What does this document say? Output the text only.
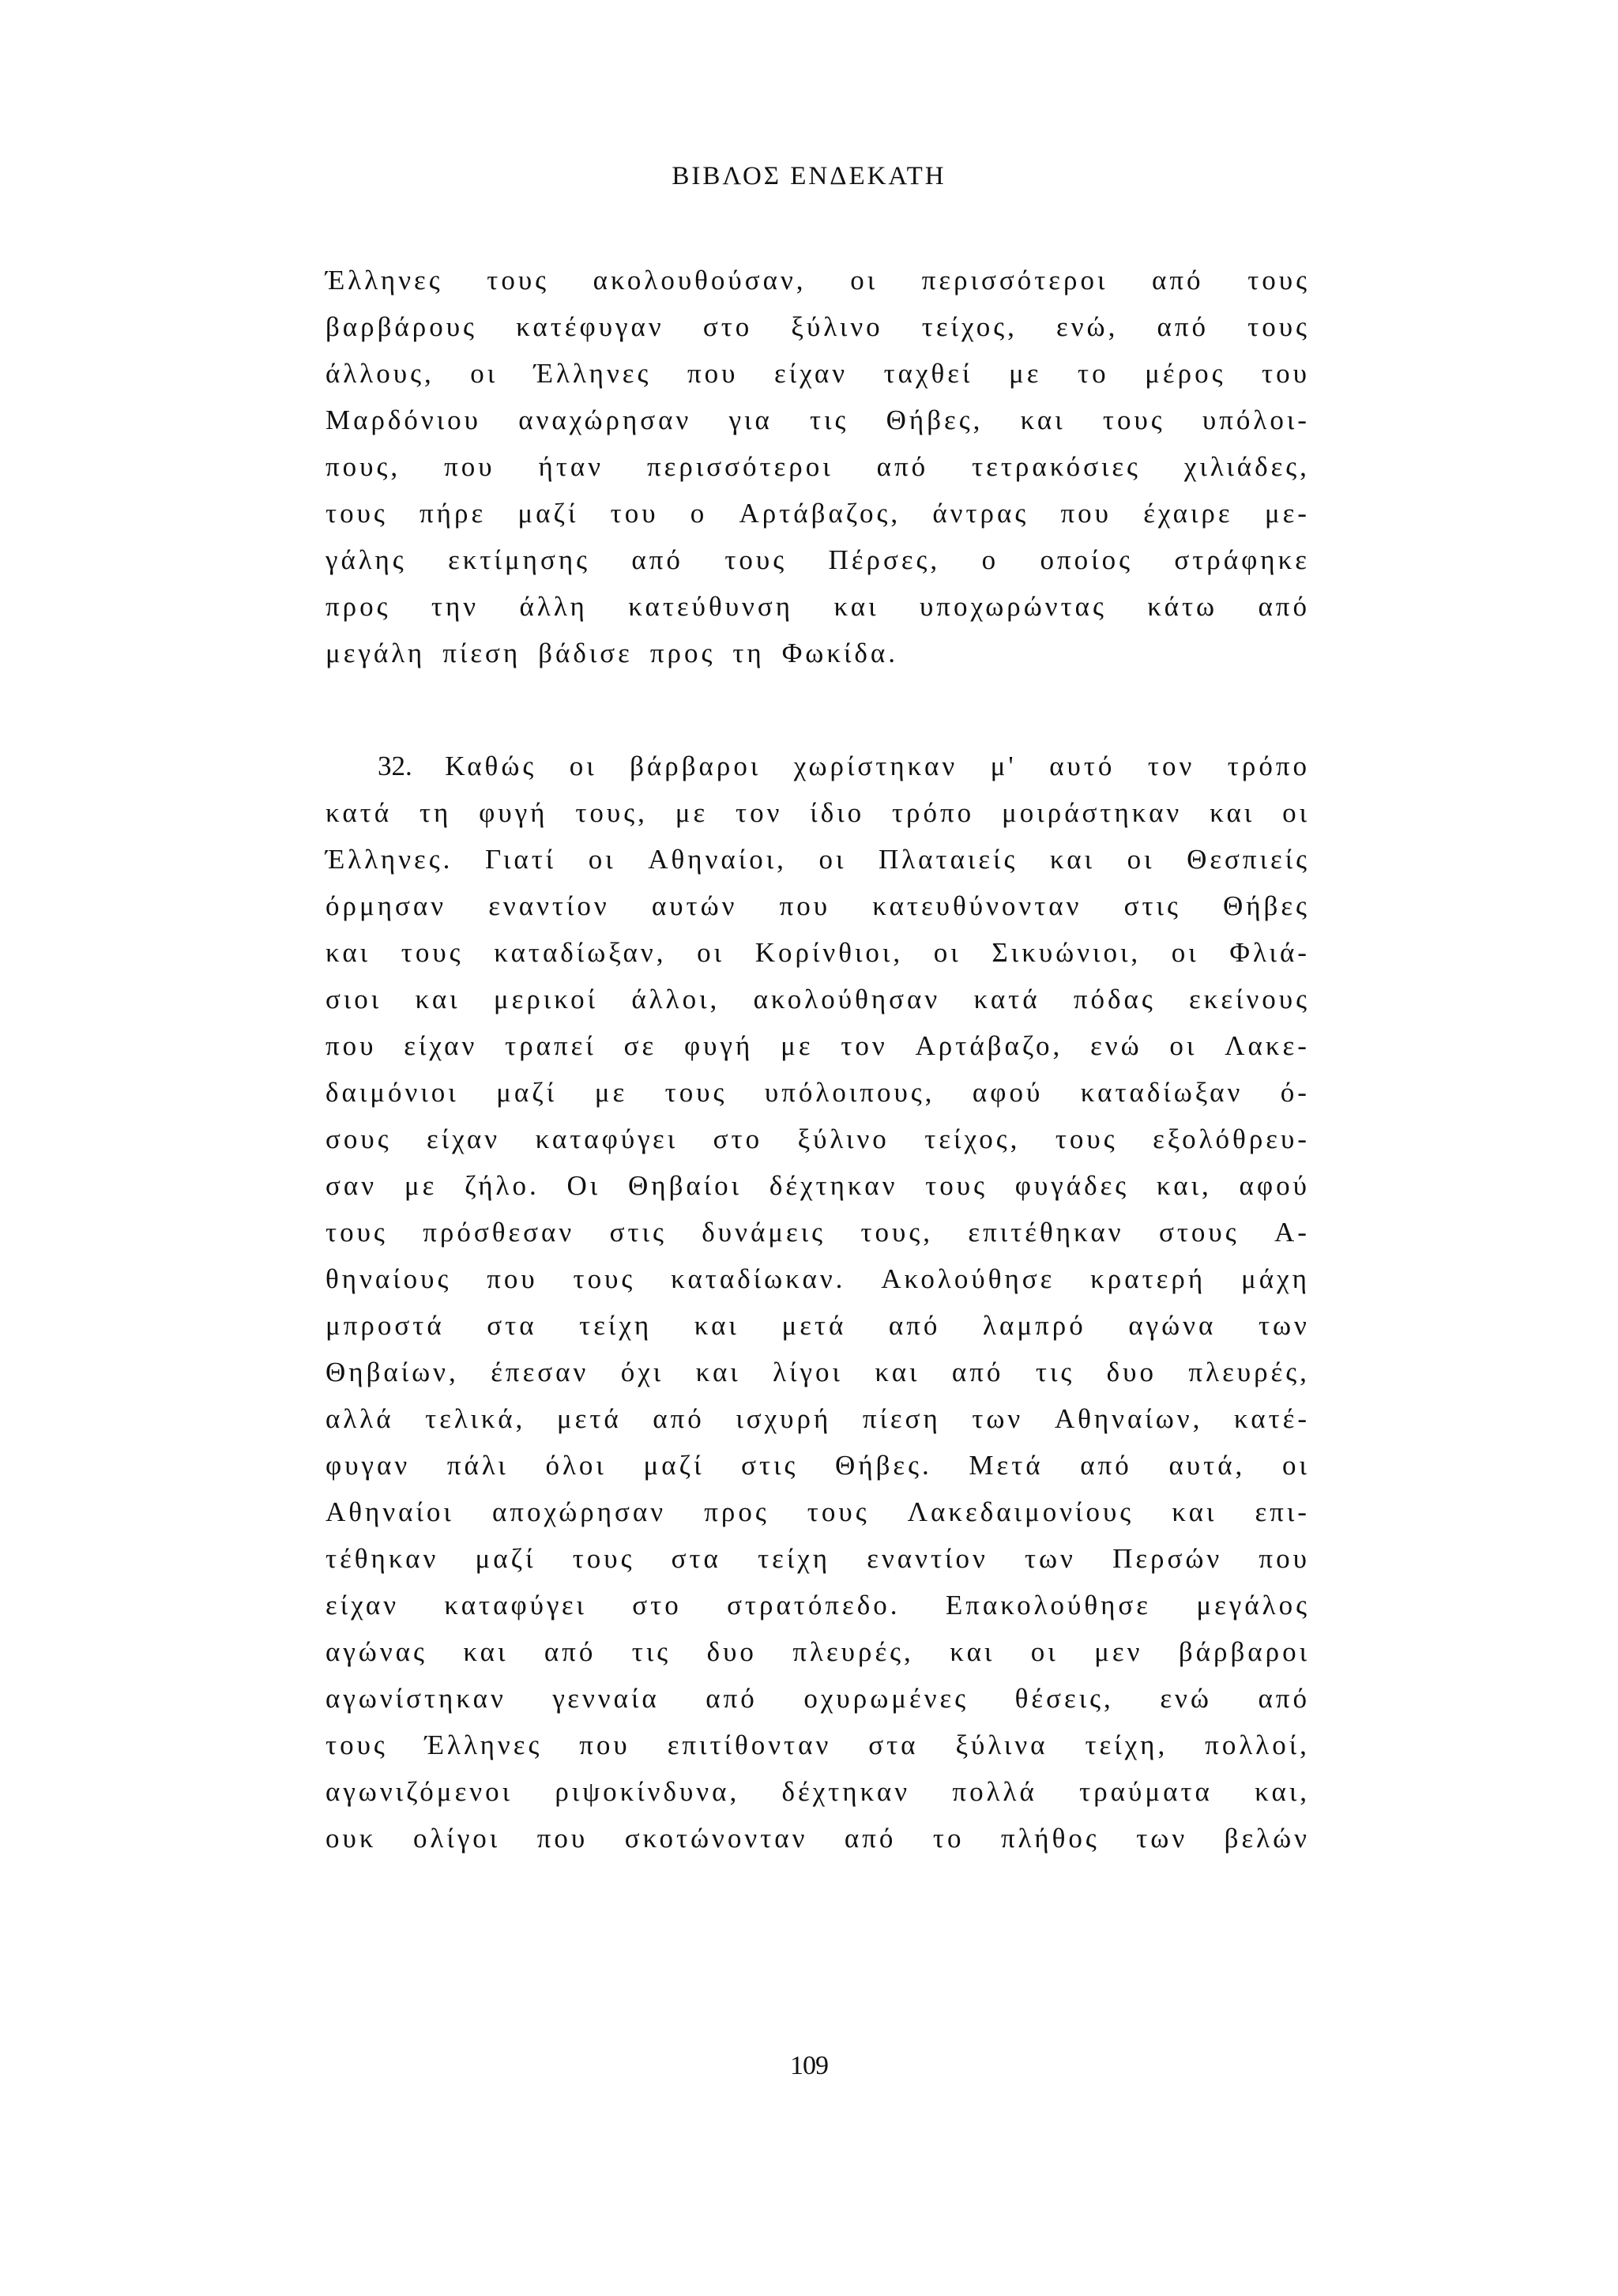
ΒΙΒΛΟΣ ΕΝΔΕΚΑΤΗ
Έλληνες τους ακολουθούσαν, οι περισσότεροι από τους
βαρβάρους κατέφυγαν στο ξύλινο τείχος, ενώ, από τους
άλλους, οι Έλληνες που είχαν ταχθεί με το μέρος του
Μαρδόνιου αναχώρησαν για τις Θήβες, και τους υπόλοι-
πους, που ήταν περισσότεροι από τετρακόσιες χιλιάδες,
τους πήρε μαζί του ο Αρτάβαζος, άντρας που έχαιρε με-
γάλης εκτίμησης από τους Πέρσες, ο οποίος στράφηκε
προς την άλλη κατεύθυνση και υποχωρώντας κάτω από
μεγάλη πίεση βάδισε προς τη Φωκίδα.
32. Καθώς οι βάρβαροι χωρίστηκαν μ' αυτό τον τρόπο
κατά τη φυγή τους, με τον ίδιο τρόπο μοιράστηκαν και οι
Έλληνες. Γιατί οι Αθηναίοι, οι Πλαταιείς και οι Θεσπιείς
όρμησαν εναντίον αυτών που κατευθύνονταν στις Θήβες
και τους καταδίωξαν, οι Κορίνθιοι, οι Σικυώνιοι, οι Φλιά-
σιοι και μερικοί άλλοι, ακολούθησαν κατά πόδας εκείνους
που είχαν τραπεί σε φυγή με τον Αρτάβαζο, ενώ οι Λακε-
δαιμόνιοι μαζί με τους υπόλοιπους, αφού καταδίωξαν ό-
σους είχαν καταφύγει στο ξύλινο τείχος, τους εξολόθρευ-
σαν με ζήλο. Οι Θηβαίοι δέχτηκαν τους φυγάδες και, αφού
τους πρόσθεσαν στις δυνάμεις τους, επιτέθηκαν στους Α-
θηναίους που τους καταδίωκαν. Ακολούθησε κρατερή μάχη
μπροστά στα τείχη και μετά από λαμπρό αγώνα των
Θηβαίων, έπεσαν όχι και λίγοι και από τις δυο πλευρές,
αλλά τελικά, μετά από ισχυρή πίεση των Αθηναίων, κατέ-
φυγαν πάλι όλοι μαζί στις Θήβες. Μετά από αυτά, οι
Αθηναίοι αποχώρησαν προς τους Λακεδαιμονίους και επι-
τέθηκαν μαζί τους στα τείχη εναντίον των Περσών που
είχαν καταφύγει στο στρατόπεδο. Επακολούθησε μεγάλος
αγώνας και από τις δυο πλευρές, και οι μεν βάρβαροι
αγωνίστηκαν γενναία από οχυρωμένες θέσεις, ενώ από
τους Έλληνες που επιτίθονταν στα ξύλινα τείχη, πολλοί,
αγωνιζόμενοι ριψοκίνδυνα, δέχτηκαν πολλά τραύματα και,
ουκ ολίγοι που σκοτώνονταν από το πλήθος των βελών
109
